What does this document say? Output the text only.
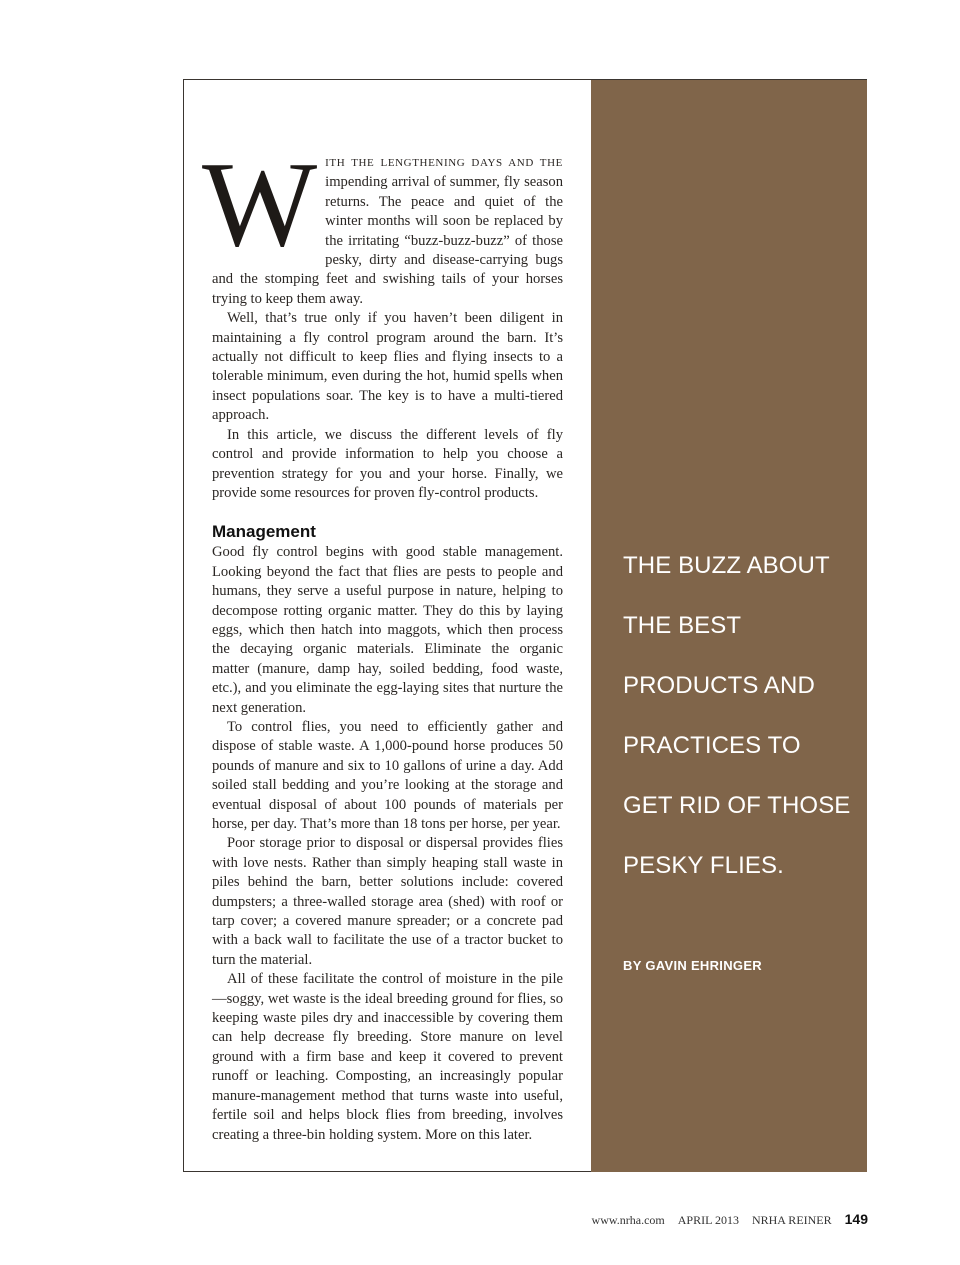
THE BUZZ ABOUT
THE BEST
PRODUCTS AND
PRACTICES TO
GET RID OF THOSE
PESKY FLIES.

BY GAVIN EHRINGER

WITH THE LENGTHENING DAYS AND THE impending arrival of summer, fly season returns. The peace and quiet of the winter months will soon be replaced by the irritating “buzz-buzz-buzz” of those pesky, dirty and disease-carrying bugs and the stomping feet and swishing tails of your horses trying to keep them away.

Well, that’s true only if you haven’t been diligent in maintaining a fly control program around the barn. It’s actually not difficult to keep flies and flying insects to a tolerable minimum, even during the hot, humid spells when insect populations soar. The key is to have a multi-tiered approach.

In this article, we discuss the different levels of fly control and provide information to help you choose a prevention strategy for you and your horse. Finally, we provide some resources for proven fly-control products.

Management

Good fly control begins with good stable management. Looking beyond the fact that flies are pests to people and humans, they serve a useful purpose in nature, helping to decompose rotting organic matter. They do this by laying eggs, which then hatch into maggots, which then process the decaying organic materials. Eliminate the organic matter (manure, damp hay, soiled bedding, food waste, etc.), and you eliminate the egg-laying sites that nurture the next generation.

To control flies, you need to efficiently gather and dispose of stable waste. A 1,000-pound horse produces 50 pounds of manure and six to 10 gallons of urine a day. Add soiled stall bedding and you’re looking at the storage and eventual disposal of about 100 pounds of materials per horse, per day. That’s more than 18 tons per horse, per year.

Poor storage prior to disposal or dispersal provides flies with love nests. Rather than simply heaping stall waste in piles behind the barn, better solutions include: covered dumpsters; a three-walled storage area (shed) with roof or tarp cover; a covered manure spreader; or a concrete pad with a back wall to facilitate the use of a tractor bucket to turn the material.

All of these facilitate the control of moisture in the pile—soggy, wet waste is the ideal breeding ground for flies, so keeping waste piles dry and inaccessible by covering them can help decrease fly breeding. Store manure on level ground with a firm base and keep it covered to prevent runoff or leaching. Composting, an increasingly popular manure-management method that turns waste into useful, fertile soil and helps block flies from breeding, involves creating a three-bin holding system. More on this later.

www.nrha.com APRIL 2013 NRHA REINER 149
